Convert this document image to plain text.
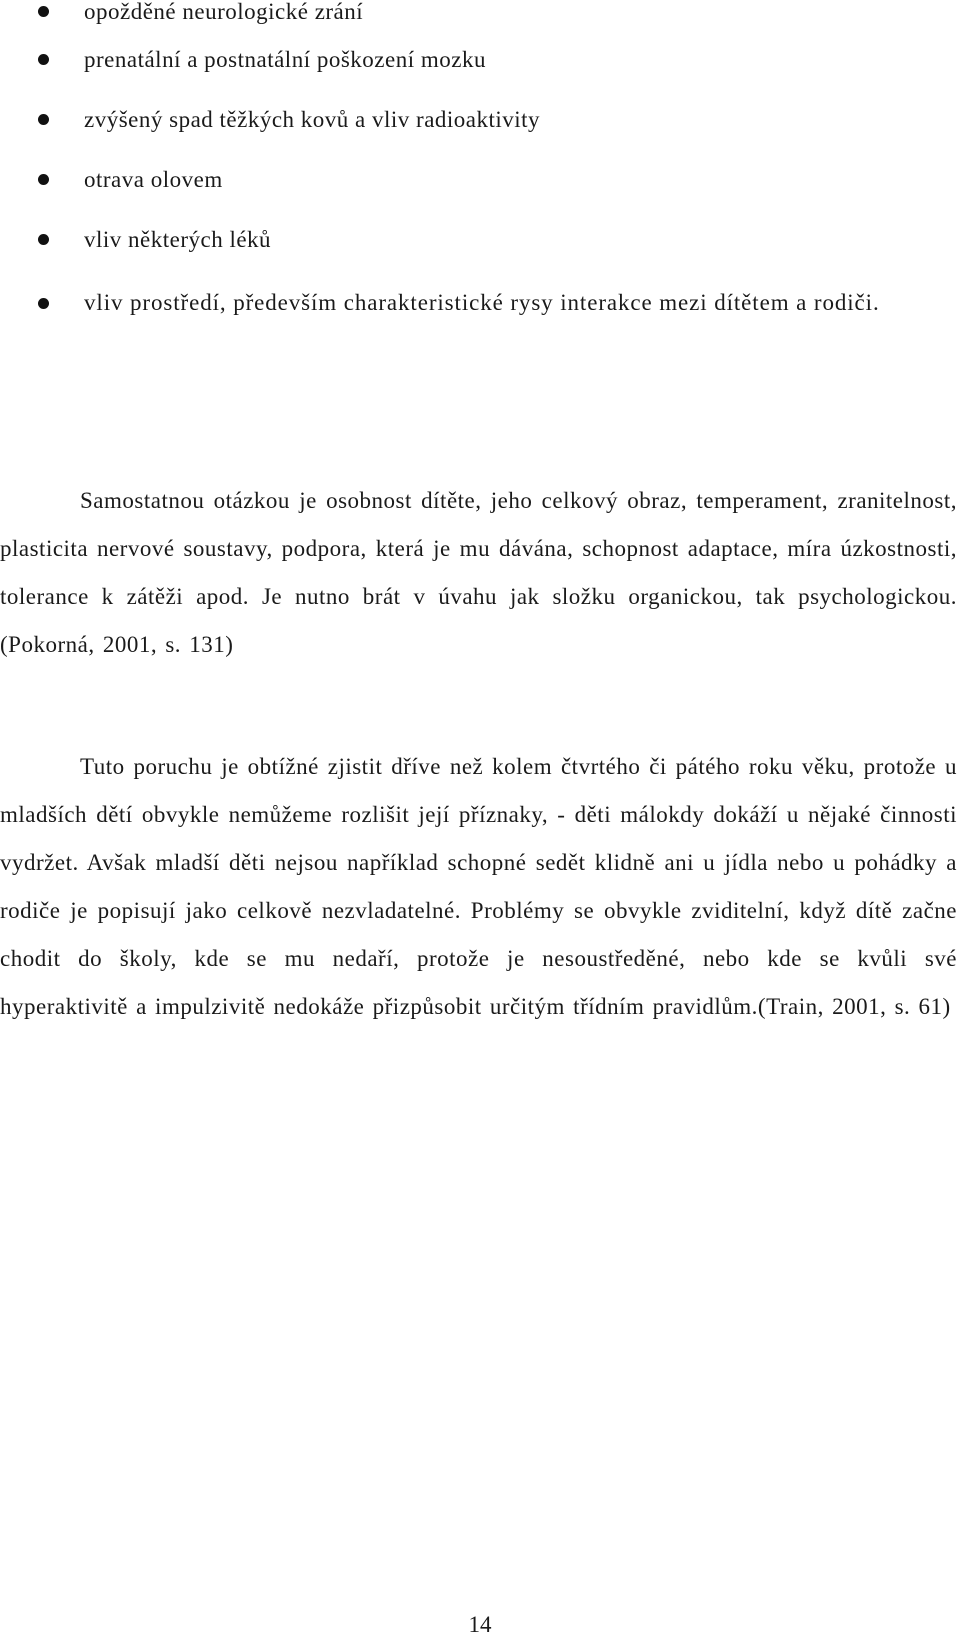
opožděné neurologické zrání
prenatální a postnatální poškození mozku
zvýšený spad těžkých kovů a vliv radioaktivity
otrava olovem
vliv některých léků
vliv prostředí, především charakteristické rysy interakce mezi dítětem a rodiči.

Samostatnou otázkou je osobnost dítěte, jeho celkový obraz, temperament, zranitelnost, plasticita nervové soustavy, podpora, která je mu dávána, schopnost adaptace, míra úzkostnosti, tolerance k zátěži apod. Je nutno brát v úvahu jak složku organickou, tak psychologickou. (Pokorná, 2001, s. 131)

Tuto poruchu je obtížné zjistit dříve než kolem čtvrtého či pátého roku věku, protože u mladších dětí obvykle nemůžeme rozlišit její příznaky, - děti málokdy dokáží u nějaké činnosti vydržet. Avšak mladší děti nejsou například schopné sedět klidně ani u jídla nebo u pohádky a rodiče je popisují jako celkově nezvladatelné. Problémy se obvykle zviditelní, když dítě začne chodit do školy, kde se mu nedaří, protože je nesoustředěné, nebo kde se kvůli své hyperaktivitě a impulzivitě nedokáže přizpůsobit určitým třídním pravidlům.(Train, 2001, s. 61)

14
